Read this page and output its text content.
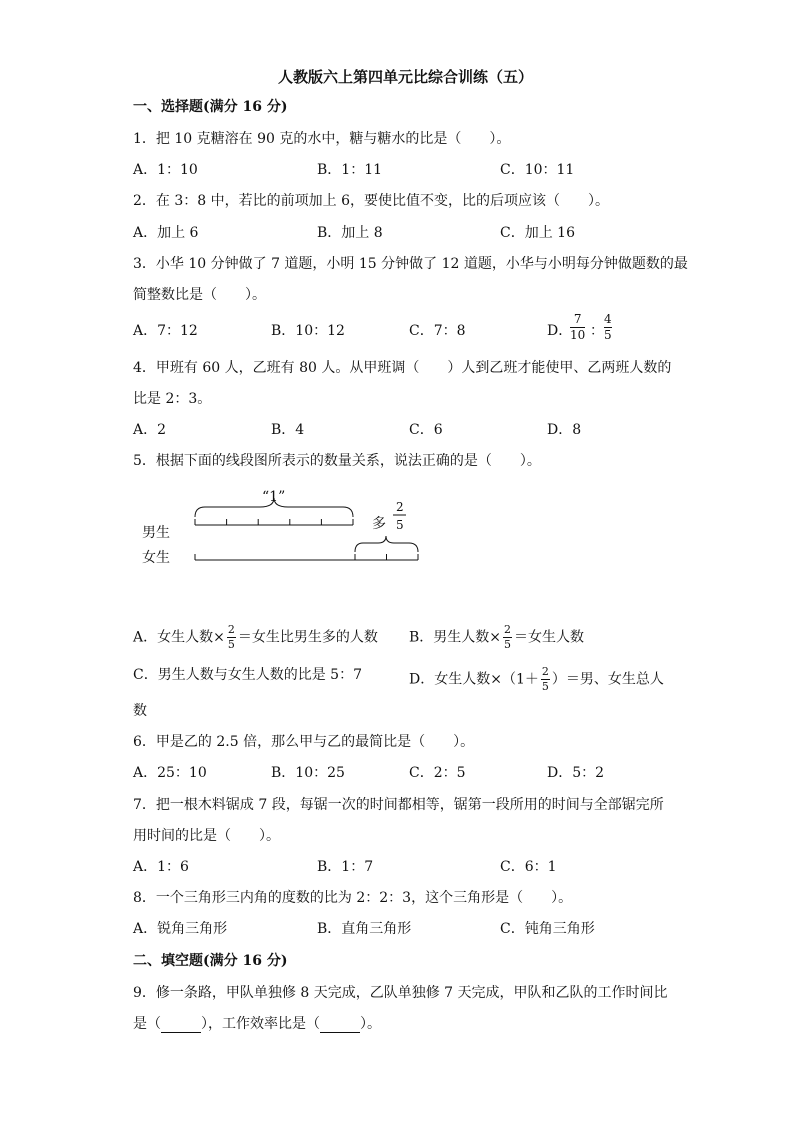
人教版六上第四单元比综合训练（五）
一、选择题(满分 16 分)
1．把 10 克糖溶在 90 克的水中，糖与糖水的比是（　　）。
A．1：10	B．1：11	C．10：11
2．在 3：8 中，若比的前项加上 6，要使比值不变，比的后项应该（　　）。
A．加上 6	B．加上 8	C．加上 16
3．小华 10 分钟做了 7 道题，小明 15 分钟做了 12 道题，小华与小明每分钟做题数的最
简整数比是（　　）。
A．7：12	B．10：12	C．7：8	D．
7
10 ：
4
5
4．甲班有 60 人，乙班有 80 人。从甲班调（　　）人到乙班才能使甲、乙两班人数的
比是 2：3。
A．2	B．4	C．6	D．8
5．根据下面的线段图所表示的数量关系，说法正确的是（　　）。
“1”
男生
多
2
5
女生
A．女生人数× $\frac{2}{5}$ ＝女生比男生多的人数 B．男生人数× $\frac{2}{5}$ ＝女生人数
C．男生人数与女生人数的比是 5：7	D．女生人数$\times(1+ \frac{2}{5}$ ）＝男、女生总人
数
6．甲是乙的 2.5 倍，那么甲与乙的最简比是（　　）。
A．25：10	B．10：25	C．2：5	D．5：2
7．把一根木料锯成 7 段，每锯一次的时间都相等，锯第一段所用的时间与全部锯完所
用时间的比是（　　）。
A．1：6	B．1：7	C．6：1
8．一个三角形三内角的度数的比为 2：2：3，这个三角形是（　　）。
A．锐角三角形	B．直角三角形	C．钝角三角形
二、填空题(满分 16 分)
9．修一条路，甲队单独修 8 天完成，乙队单独修 7 天完成，甲队和乙队的工作时间比
是（	），工作效率比是（	）。
